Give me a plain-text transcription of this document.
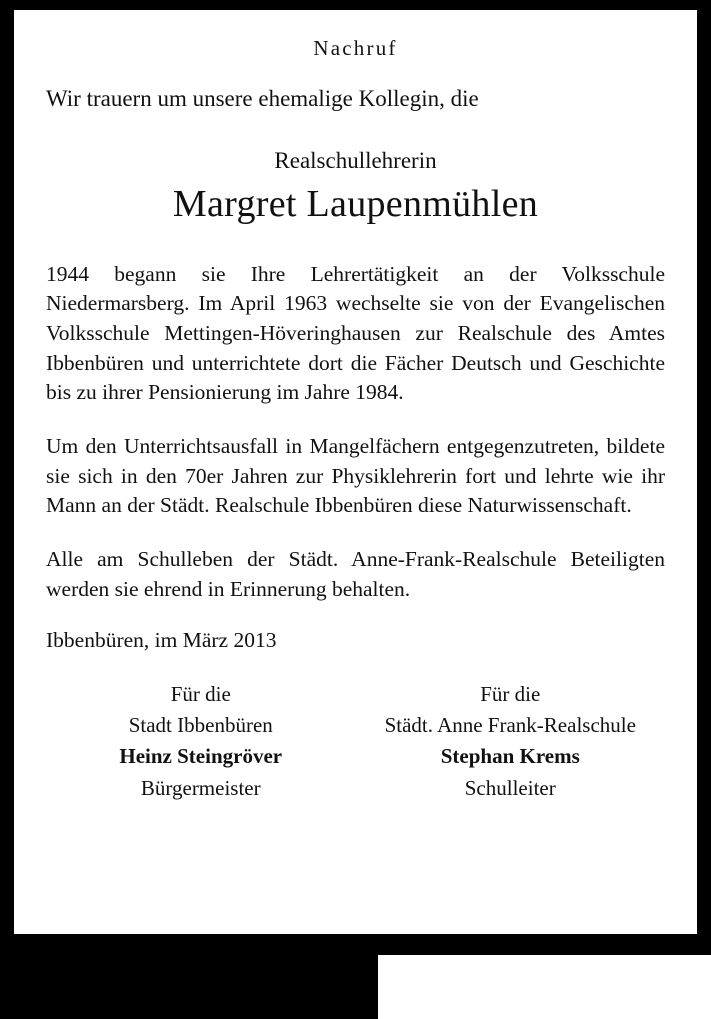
Nachruf
Wir trauern um unsere ehemalige Kollegin, die
Realschullehrerin
Margret Laupenmühlen
1944 begann sie Ihre Lehrertätigkeit an der Volksschule Niedermarsberg. Im April 1963 wechselte sie von der Evangelischen Volksschule Mettingen-Höveringhausen zur Realschule des Amtes Ibbenbüren und unterrichtete dort die Fächer Deutsch und Geschichte bis zu ihrer Pensionierung im Jahre 1984.
Um den Unterrichtsausfall in Mangelfächern entgegenzutreten, bildete sie sich in den 70er Jahren zur Physiklehrerin fort und lehrte wie ihr Mann an der Städt. Realschule Ibbenbüren diese Naturwissenschaft.
Alle am Schulleben der Städt. Anne-Frank-Realschule Beteiligten werden sie ehrend in Erinnerung behalten.
Ibbenbüren, im März 2013
Für die
Stadt Ibbenbüren
Heinz Steingröver
Bürgermeister
Für die
Städt. Anne Frank-Realschule
Stephan Krems
Schulleiter
